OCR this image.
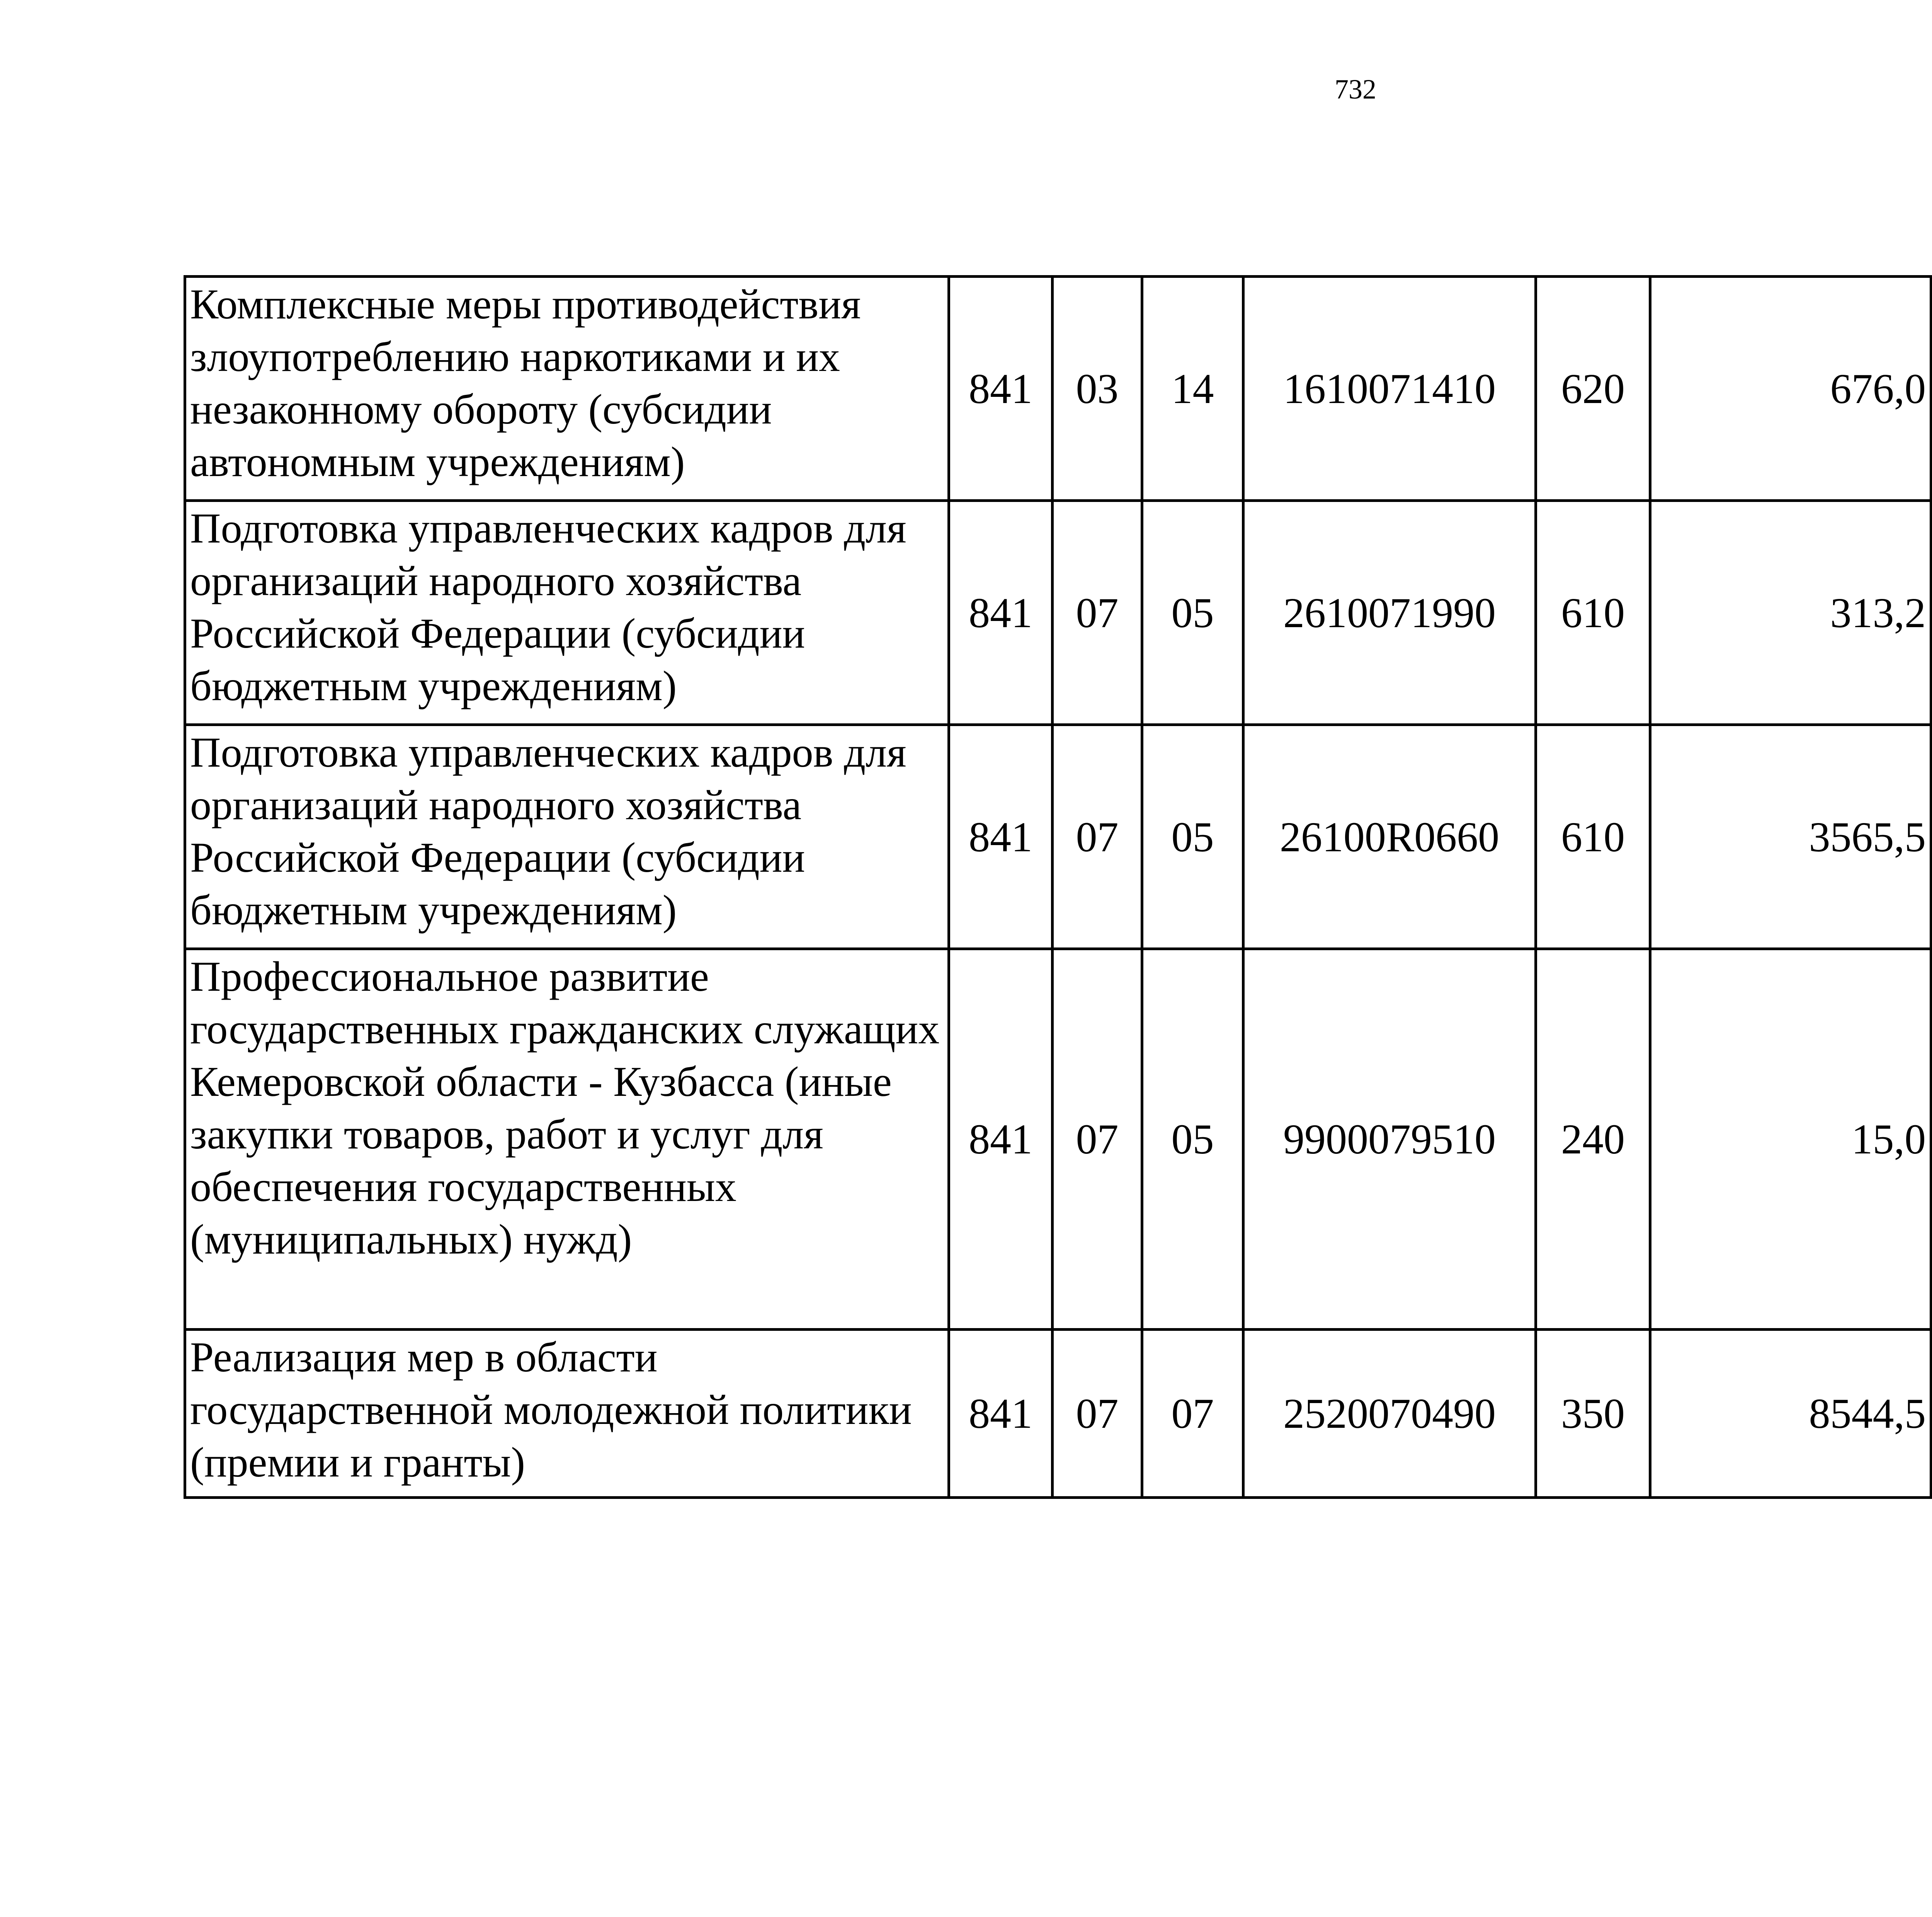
732
Комплексные меры противодействия злоупотреблению наркотиками и их незаконному обороту (субсидии автономным учреждениям)	841	03	14	1610071410	620	676,0		
Подготовка управленческих кадров для организаций народного хозяйства Российской Федерации (субсидии бюджетным учреждениям)	841	07	05	2610071990	610	313,2		
Подготовка управленческих кадров для организаций народного хозяйства Российской Федерации (субсидии бюджетным учреждениям)	841	07	05	26100R0660	610	3565,5		
Профессиональное развитие государственных гражданских служащих Кемеровской области - Кузбасса (иные закупки товаров, работ и услуг для обеспечения государственных (муниципальных) нужд)	841	07	05	9900079510	240	15,0		
Реализация мер в области государственной молодежной политики (премии и гранты)	841	07	07	2520070490	350	8544,5		
